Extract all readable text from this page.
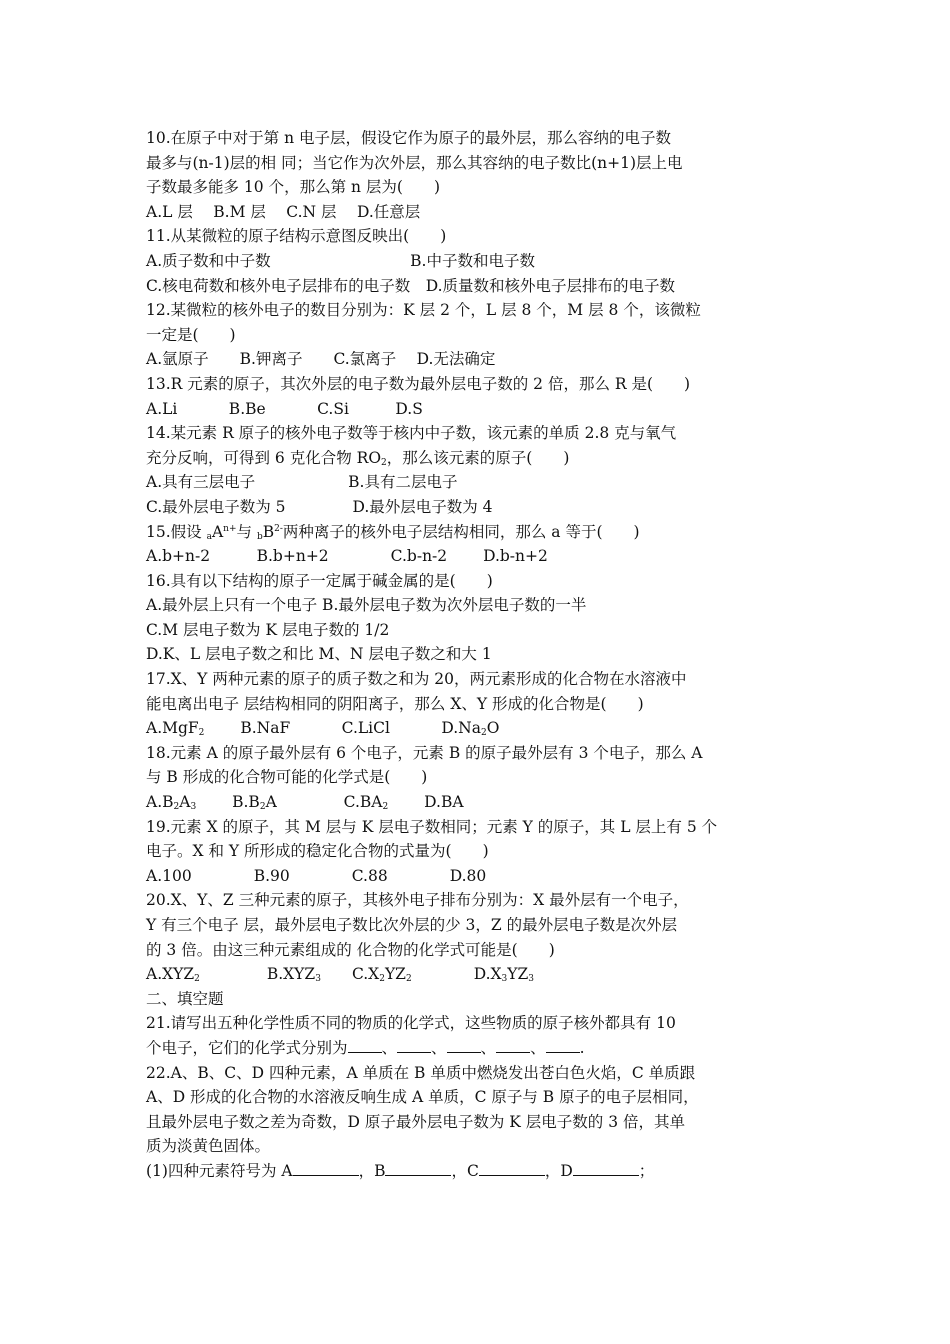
10.在原子中对于第 n 电子层，假设它作为原子的最外层，那么容纳的电子数
最多与(n-1)层的相 同；当它作为次外层，那么其容纳的电子数比(n+1)层上电
子数最多能多 10 个，那么第 n 层为(　　)
A.L 层　 B.M 层　 C.N 层　 D.任意层
11.从某微粒的原子结构示意图反映出(　　)
A.质子数和中子数　　　　　　　　　B.中子数和电子数
C.核电荷数和核外电子层排布的电子数　D.质量数和核外电子层排布的电子数
12.某微粒的核外电子的数目分别为：K 层 2 个，L 层 8 个，M 层 8 个，该微粒
一定是(　　)
A.氩原子　　B.钾离子　　C.氯离子　 D.无法确定
13.R 元素的原子，其次外层的电子数为最外层电子数的 2 倍，那么 R 是(　　)
A.Li　　　 B.Be　　　 C.Si　　　D.S
14.某元素 R 原子的核外电子数等于核内中子数，该元素的单质 2.8 克与氧气
充分反响，可得到 6 克化合物 $RO_2$，那么该元素的原子(　　)
A.具有三层电子　　　　　　B.具有二层电子
C.最外层电子数为 5　　　　 D.最外层电子数为 4
15.假设 $aA^{n+}$与 $bB^{2-}$两种离子的核外电子层结构相同，那么 a 等于(　　)
A.b+n-2　　　B.b+n+2　　　　C.b-n-2　　 D.b-n+2
16.具有以下结构的原子一定属于碱金属的是(　　)
A.最外层上只有一个电子 B.最外层电子数为次外层电子数的一半
C.M 层电子数为 K 层电子数的 1/2
D.K、L 层电子数之和比 M、N 层电子数之和大 1
17.X、Y 两种元素的原子的质子数之和为 20，两元素形成的化合物在水溶液中
能电离出电子 层结构相同的阴阳离子，那么 X、Y 形成的化合物是(　　)
A.MgF$_2$　　 B.NaF　　　 C.LiCl　　　 $D.Na_2O$
18.元素 A 的原子最外层有 6 个电子，元素 B 的原子最外层有 3 个电子，那么 A
与 B 形成的化合物可能的化学式是(　　)
$A.B_2A_3$　　 $B.B_2A$　　　　 $C.BA_2$　　 D.BA
19.元素 X 的原子，其 M 层与 K 层电子数相同；元素 Y 的原子，其 L 层上有 5 个
电子。X 和 Y 所形成的稳定化合物的式量为(　　)
A.100　　　　B.90　　　　C.88　　　　D.80
20.X、Y、Z 三种元素的原子，其核外电子排布分别为：X 最外层有一个电子，
Y 有三个电子 层，最外层电子数比次外层的少 3，Z 的最外层电子数是次外层
的 3 倍。由这三种元素组成的 化合物的化学式可能是(　　)
$A.XYZ_2$　　　　 $B.XYZ_3$　　$C.X_2YZ_2$　　　　$D.X_3YZ_3$
二、填空题
21.请写出五种化学性质不同的物质的化学式，这些物质的原子核外都具有 10
个电子，它们的化学式分别为 、 、 、 、 .
22.A、B、C、D 四种元素，A 单质在 B 单质中燃烧发出苍白色火焰，C 单质跟
A、D 形成的化合物的水溶液反响生成 A 单质，C 原子与 B 原子的电子层相同，
且最外层电子数之差为奇数，D 原子最外层电子数为 K 层电子数的 3 倍，其单
质为淡黄色固体。
(1)四种元素符号为 A	，B	，C	，D	；
